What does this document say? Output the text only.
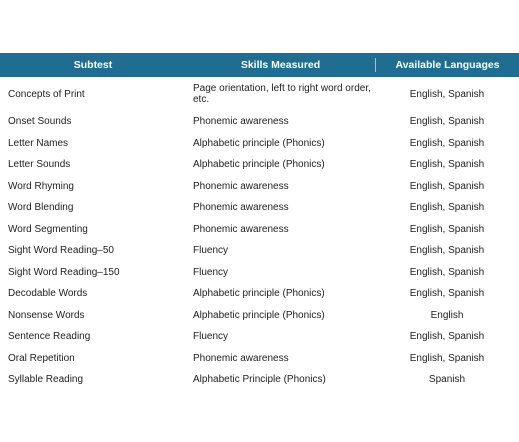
Subtest	Skills Measured	Available Languages
Concepts of Print	Page orientation, left to right word order, etc.	English, Spanish
Onset Sounds	Phonemic awareness	English, Spanish
Letter Names	Alphabetic principle (Phonics)	English, Spanish
Letter Sounds	Alphabetic principle (Phonics)	English, Spanish
Word Rhyming	Phonemic awareness	English, Spanish
Word Blending	Phonemic awareness	English, Spanish
Word Segmenting	Phonemic awareness	English, Spanish
Sight Word Reading–50	Fluency	English, Spanish
Sight Word Reading–150	Fluency	English, Spanish
Decodable Words	Alphabetic principle (Phonics)	English, Spanish
Nonsense Words	Alphabetic principle (Phonics)	English
Sentence Reading	Fluency	English, Spanish
Oral Repetition	Phonemic awareness	English, Spanish
Syllable Reading	Alphabetic Principle (Phonics)	Spanish
